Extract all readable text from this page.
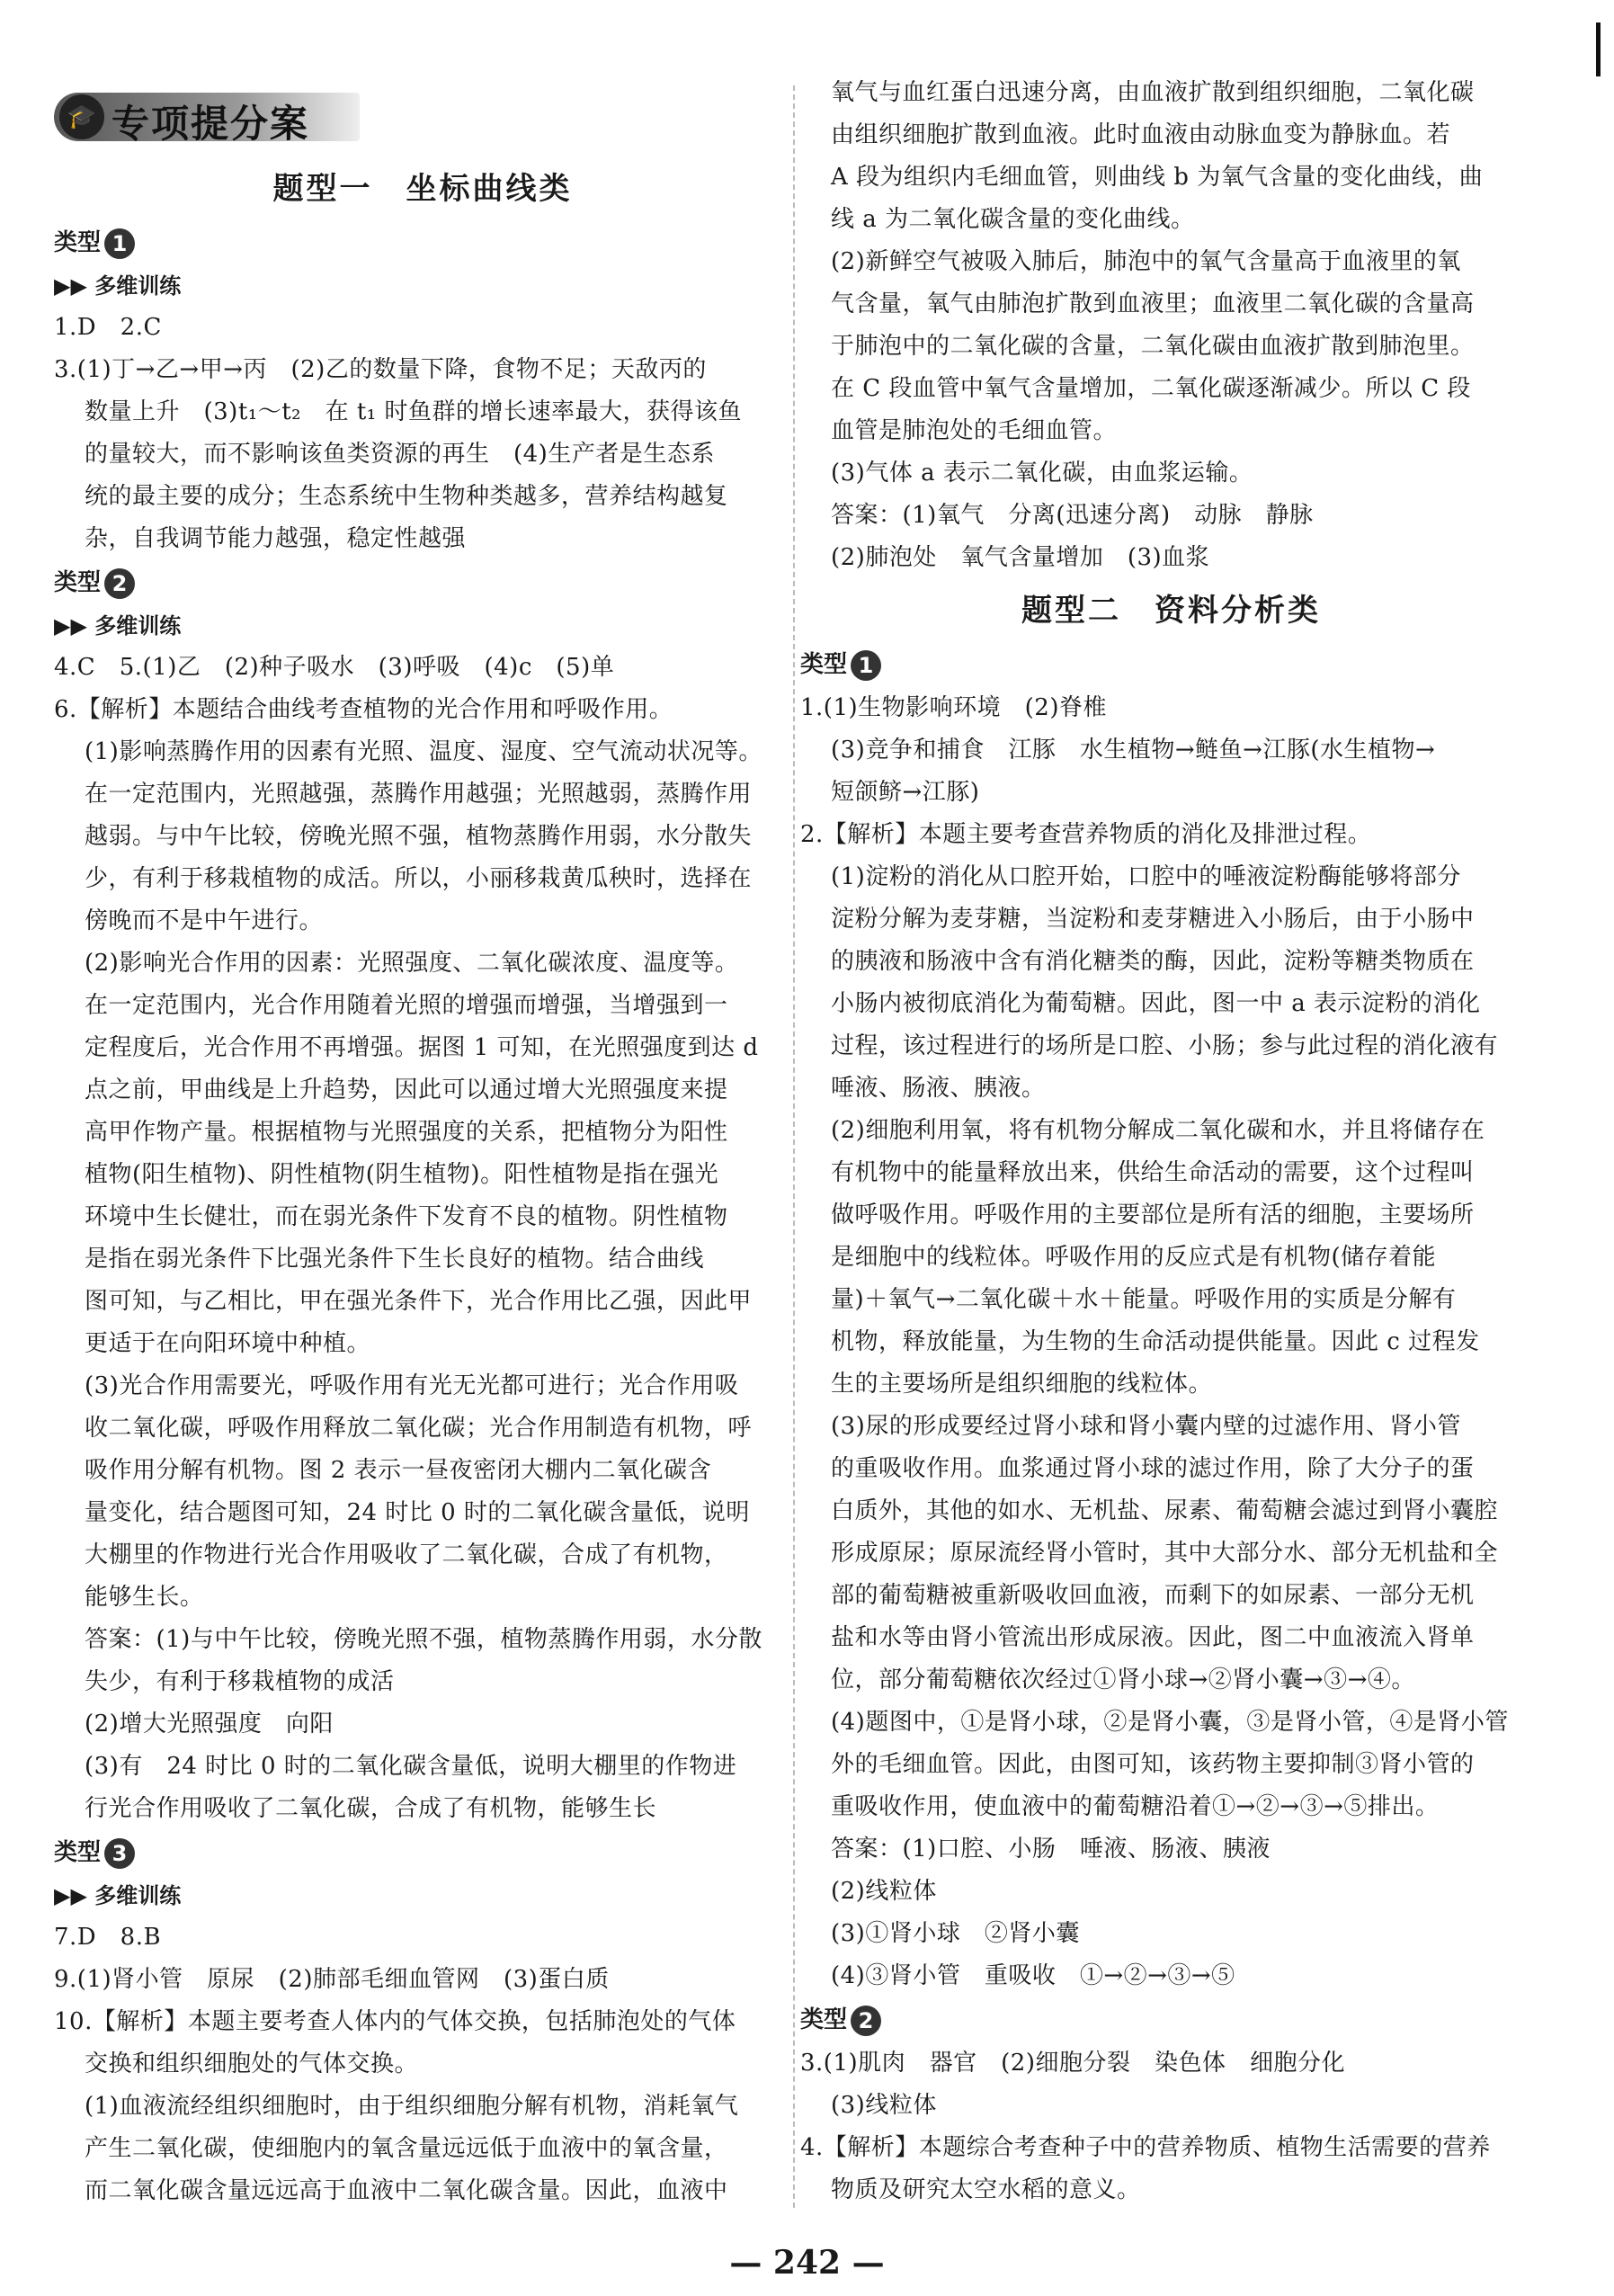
🎓 专项提分案
题型一　坐标曲线类
类型 1
▶▶ 多维训练
1.D　2.C
3.(1)丁→乙→甲→丙　(2)乙的数量下降，食物不足；天敌丙的
数量上升　(3)t₁～t₂　在 t₁ 时鱼群的增长速率最大，获得该鱼
的量较大，而不影响该鱼类资源的再生　(4)生产者是生态系
统的最主要的成分；生态系统中生物种类越多，营养结构越复
杂，自我调节能力越强，稳定性越强
类型 2
▶▶ 多维训练
4.C　5.(1)乙　(2)种子吸水　(3)呼吸　(4)c　(5)单
6.【解析】本题结合曲线考查植物的光合作用和呼吸作用。
(1)影响蒸腾作用的因素有光照、温度、湿度、空气流动状况等。
在一定范围内，光照越强，蒸腾作用越强；光照越弱，蒸腾作用
越弱。与中午比较，傍晚光照不强，植物蒸腾作用弱，水分散失
少，有利于移栽植物的成活。所以，小丽移栽黄瓜秧时，选择在
傍晚而不是中午进行。
(2)影响光合作用的因素：光照强度、二氧化碳浓度、温度等。
在一定范围内，光合作用随着光照的增强而增强，当增强到一
定程度后，光合作用不再增强。据图 1 可知，在光照强度到达 d
点之前，甲曲线是上升趋势，因此可以通过增大光照强度来提
高甲作物产量。根据植物与光照强度的关系，把植物分为阳性
植物(阳生植物)、阴性植物(阴生植物)。阳性植物是指在强光
环境中生长健壮，而在弱光条件下发育不良的植物。阴性植物
是指在弱光条件下比强光条件下生长良好的植物。结合曲线
图可知，与乙相比，甲在强光条件下，光合作用比乙强，因此甲
更适于在向阳环境中种植。
(3)光合作用需要光，呼吸作用有光无光都可进行；光合作用吸
收二氧化碳，呼吸作用释放二氧化碳；光合作用制造有机物，呼
吸作用分解有机物。图 2 表示一昼夜密闭大棚内二氧化碳含
量变化，结合题图可知，24 时比 0 时的二氧化碳含量低，说明
大棚里的作物进行光合作用吸收了二氧化碳，合成了有机物，
能够生长。
答案：(1)与中午比较，傍晚光照不强，植物蒸腾作用弱，水分散
失少，有利于移栽植物的成活
(2)增大光照强度　向阳
(3)有　24 时比 0 时的二氧化碳含量低，说明大棚里的作物进
行光合作用吸收了二氧化碳，合成了有机物，能够生长
类型 3
▶▶ 多维训练
7.D　8.B
9.(1)肾小管　原尿　(2)肺部毛细血管网　(3)蛋白质
10.【解析】本题主要考查人体内的气体交换，包括肺泡处的气体
交换和组织细胞处的气体交换。
(1)血液流经组织细胞时，由于组织细胞分解有机物，消耗氧气
产生二氧化碳，使细胞内的氧含量远远低于血液中的氧含量，
而二氧化碳含量远远高于血液中二氧化碳含量。因此，血液中
氧气与血红蛋白迅速分离，由血液扩散到组织细胞，二氧化碳
由组织细胞扩散到血液。此时血液由动脉血变为静脉血。若
A 段为组织内毛细血管，则曲线 b 为氧气含量的变化曲线，曲
线 a 为二氧化碳含量的变化曲线。
(2)新鲜空气被吸入肺后，肺泡中的氧气含量高于血液里的氧
气含量，氧气由肺泡扩散到血液里；血液里二氧化碳的含量高
于肺泡中的二氧化碳的含量，二氧化碳由血液扩散到肺泡里。
在 C 段血管中氧气含量增加，二氧化碳逐渐减少。所以 C 段
血管是肺泡处的毛细血管。
(3)气体 a 表示二氧化碳，由血浆运输。
答案：(1)氧气　分离(迅速分离)　动脉　静脉
(2)肺泡处　氧气含量增加　(3)血浆
题型二　资料分析类
类型 1
1.(1)生物影响环境　(2)脊椎
(3)竞争和捕食　江豚　水生植物→鲢鱼→江豚(水生植物→
短颌鲚→江豚)
2.【解析】本题主要考查营养物质的消化及排泄过程。
(1)淀粉的消化从口腔开始，口腔中的唾液淀粉酶能够将部分
淀粉分解为麦芽糖，当淀粉和麦芽糖进入小肠后，由于小肠中
的胰液和肠液中含有消化糖类的酶，因此，淀粉等糖类物质在
小肠内被彻底消化为葡萄糖。因此，图一中 a 表示淀粉的消化
过程，该过程进行的场所是口腔、小肠；参与此过程的消化液有
唾液、肠液、胰液。
(2)细胞利用氧，将有机物分解成二氧化碳和水，并且将储存在
有机物中的能量释放出来，供给生命活动的需要，这个过程叫
做呼吸作用。呼吸作用的主要部位是所有活的细胞，主要场所
是细胞中的线粒体。呼吸作用的反应式是有机物(储存着能
量)＋氧气→二氧化碳＋水＋能量。呼吸作用的实质是分解有
机物，释放能量，为生物的生命活动提供能量。因此 c 过程发
生的主要场所是组织细胞的线粒体。
(3)尿的形成要经过肾小球和肾小囊内壁的过滤作用、肾小管
的重吸收作用。血浆通过肾小球的滤过作用，除了大分子的蛋
白质外，其他的如水、无机盐、尿素、葡萄糖会滤过到肾小囊腔
形成原尿；原尿流经肾小管时，其中大部分水、部分无机盐和全
部的葡萄糖被重新吸收回血液，而剩下的如尿素、一部分无机
盐和水等由肾小管流出形成尿液。因此，图二中血液流入肾单
位，部分葡萄糖依次经过①肾小球→②肾小囊→③→④。
(4)题图中，①是肾小球，②是肾小囊，③是肾小管，④是肾小管
外的毛细血管。因此，由图可知，该药物主要抑制③肾小管的
重吸收作用，使血液中的葡萄糖沿着①→②→③→⑤排出。
答案：(1)口腔、小肠　唾液、肠液、胰液
(2)线粒体
(3)①肾小球　②肾小囊
(4)③肾小管　重吸收　①→②→③→⑤
类型 2
3.(1)肌肉　器官　(2)细胞分裂　染色体　细胞分化
(3)线粒体
4.【解析】本题综合考查种子中的营养物质、植物生活需要的营养
物质及研究太空水稻的意义。
— 242 —
